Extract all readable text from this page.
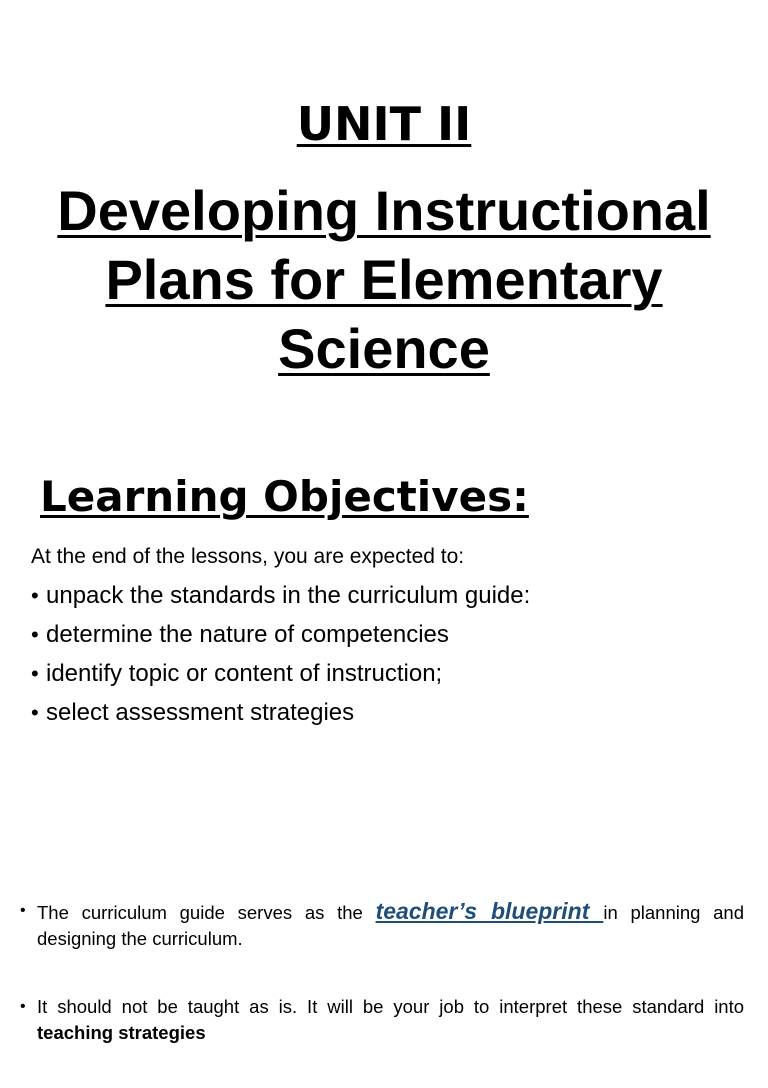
UNIT II
Developing Instructional Plans for Elementary Science
Learning Objectives:
At the end of the lessons, you are expected to:
• unpack the standards in the curriculum guide:
• determine the nature of competencies
• identify topic or content of instruction;
• select assessment strategies
• The curriculum guide serves as the teacher’s blueprint in planning and designing the curriculum.
• It should not be taught as is. It will be your job to interpret these standard into teaching strategies
